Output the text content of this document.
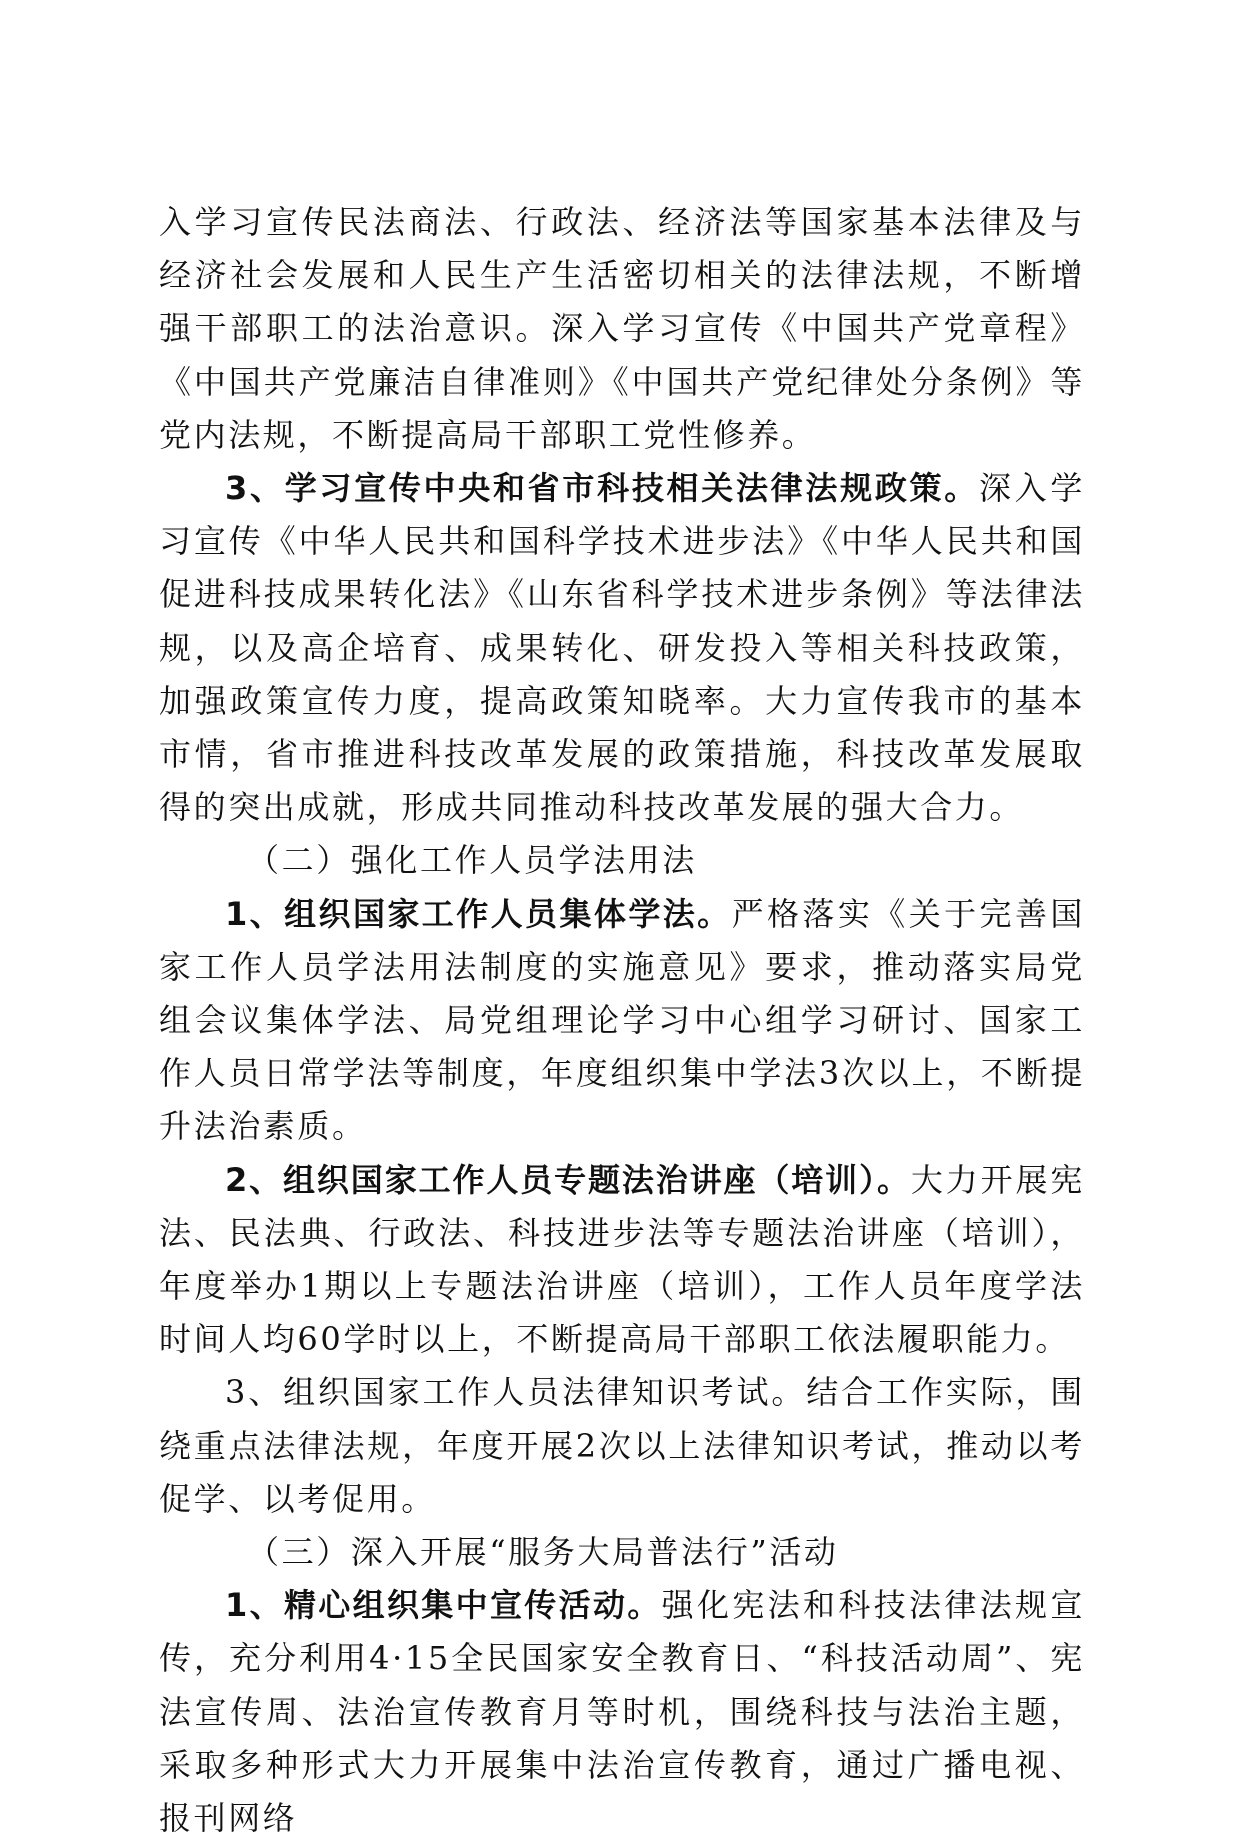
入学习宣传民法商法、行政法、经济法等国家基本法律及与经济社会发展和人民生产生活密切相关的法律法规，不断增强干部职工的法治意识。深入学习宣传《中国共产党章程》《中国共产党廉洁自律准则》《中国共产党纪律处分条例》等党内法规，不断提高局干部职工党性修养。

3、学习宣传中央和省市科技相关法律法规政策。深入学习宣传《中华人民共和国科学技术进步法》《中华人民共和国促进科技成果转化法》《山东省科学技术进步条例》等法律法规，以及高企培育、成果转化、研发投入等相关科技政策，加强政策宣传力度，提高政策知晓率。大力宣传我市的基本市情，省市推进科技改革发展的政策措施，科技改革发展取得的突出成就，形成共同推动科技改革发展的强大合力。

（二）强化工作人员学法用法

1、组织国家工作人员集体学法。严格落实《关于完善国家工作人员学法用法制度的实施意见》要求，推动落实局党组会议集体学法、局党组理论学习中心组学习研讨、国家工作人员日常学法等制度，年度组织集中学法3次以上，不断提升法治素质。

2、组织国家工作人员专题法治讲座（培训）。大力开展宪法、民法典、行政法、科技进步法等专题法治讲座（培训），年度举办1期以上专题法治讲座（培训），工作人员年度学法时间人均60学时以上，不断提高局干部职工依法履职能力。

3、组织国家工作人员法律知识考试。结合工作实际，围绕重点法律法规，年度开展2次以上法律知识考试，推动以考促学、以考促用。

（三）深入开展“服务大局普法行”活动

1、精心组织集中宣传活动。强化宪法和科技法律法规宣传，充分利用4·15全民国家安全教育日、“科技活动周”、宪法宣传周、法治宣传教育月等时机，围绕科技与法治主题，采取多种形式大力开展集中法治宣传教育，通过广播电视、报刊网络
